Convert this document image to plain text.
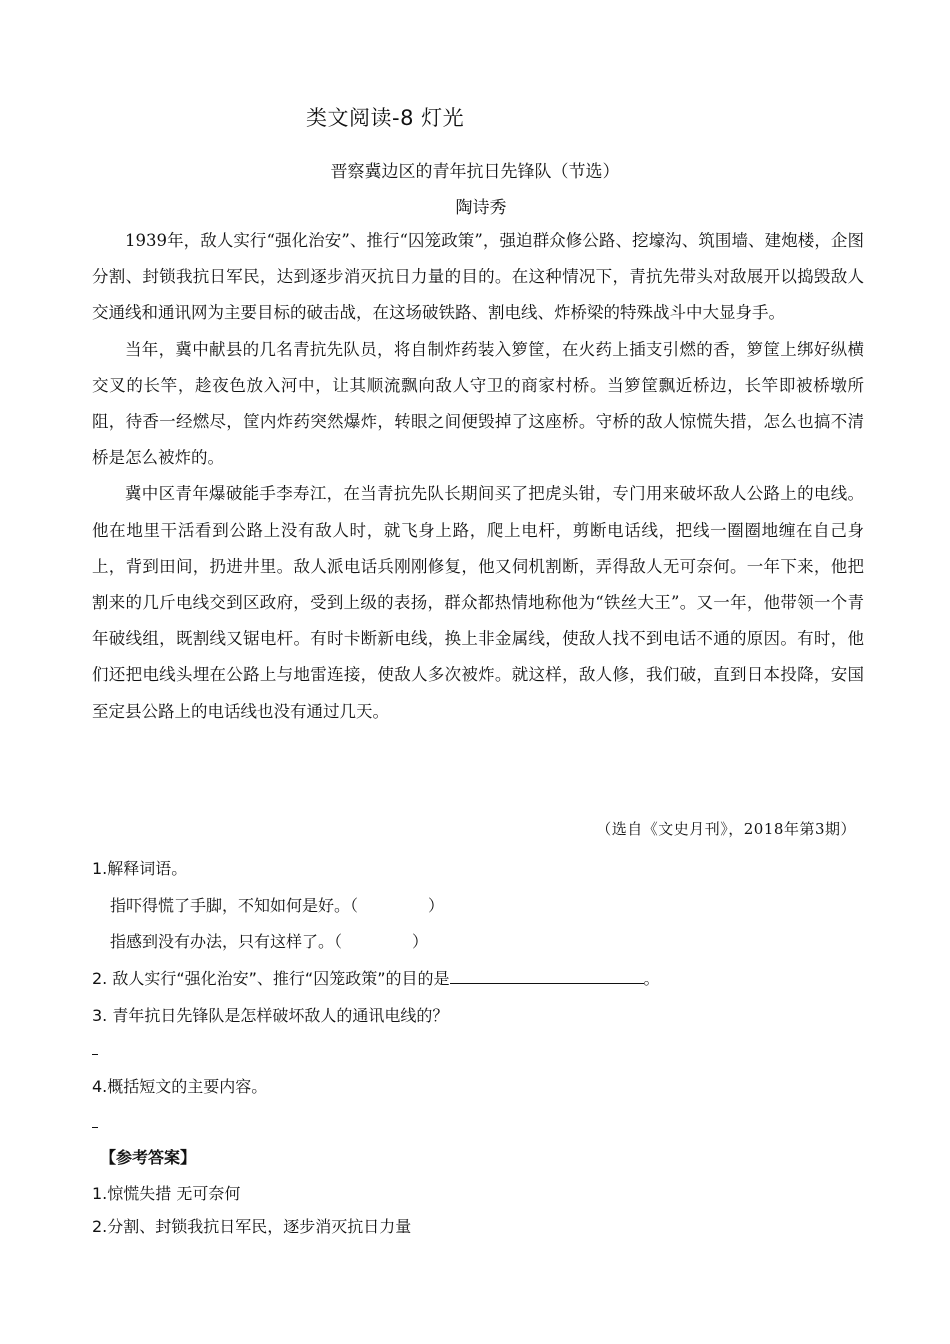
类文阅读-8 灯光
晋察冀边区的青年抗日先锋队（节选）
陶诗秀

1939年，敌人实行“强化治安”、推行“囚笼政策”，强迫群众修公路、挖壕沟、筑围墙、建炮楼，企图分割、封锁我抗日军民，达到逐步消灭抗日力量的目的。在这种情况下，青抗先带头对敌展开以捣毁敌人交通线和通讯网为主要目标的破击战，在这场破铁路、割电线、炸桥梁的特殊战斗中大显身手。

当年，冀中献县的几名青抗先队员，将自制炸药装入箩筐，在火药上插支引燃的香，箩筐上绑好纵横交叉的长竿，趁夜色放入河中，让其顺流飘向敌人守卫的商家村桥。当箩筐飘近桥边，长竿即被桥墩所阻，待香一经燃尽，筐内炸药突然爆炸，转眼之间便毁掉了这座桥。守桥的敌人惊慌失措，怎么也搞不清桥是怎么被炸的。

冀中区青年爆破能手李寿江，在当青抗先队长期间买了把虎头钳，专门用来破坏敌人公路上的电线。他在地里干活看到公路上没有敌人时，就飞身上路，爬上电杆，剪断电话线，把线一圈圈地缠在自己身上，背到田间，扔进井里。敌人派电话兵刚刚修复，他又伺机割断，弄得敌人无可奈何。一年下来，他把割来的几斤电线交到区政府，受到上级的表扬，群众都热情地称他为“铁丝大王”。又一年，他带领一个青年破线组，既割线又锯电杆。有时卡断新电线，换上非金属线，使敌人找不到电话不通的原因。有时，他们还把电线头埋在公路上与地雷连接，使敌人多次被炸。就这样，敌人修，我们破，直到日本投降，安国至定县公路上的电话线也没有通过几天。

（选自《文史月刊》，2018年第3期）
1.解释词语。
指吓得慌了手脚，不知如何是好。（	）
指感到没有办法，只有这样了。（	）
2. 敌人实行“强化治安”、推行“囚笼政策”的目的是	。
3. 青年抗日先锋队是怎样破坏敌人的通讯电线的？
4.概括短文的主要内容。
【参考答案】
1.惊慌失措 无可奈何
2.分割、封锁我抗日军民，逐步消灭抗日力量
